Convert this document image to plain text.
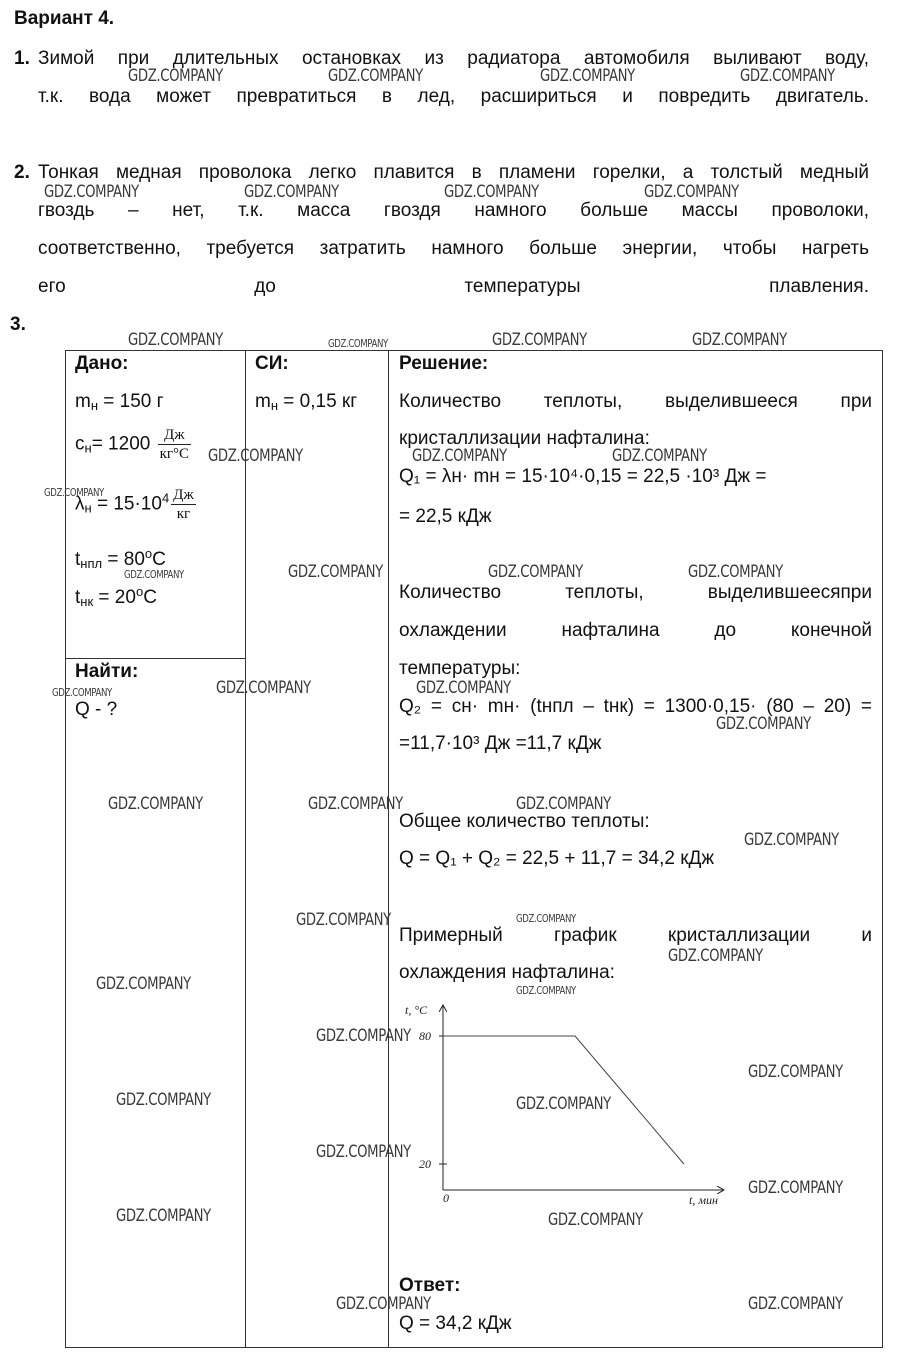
Вариант 4.
1. Зимой при длительных остановках из радиатора автомобиля выливают воду,
т.к. вода может превратиться в лед, расшириться и повредить двигатель.
2. Тонкая медная проволока легко плавится в пламени горелки, а толстый медный
гвоздь – нет, т.к. масса гвоздя намного больше массы проволоки,
соответственно, требуется затратить намного больше энергии, чтобы нагреть
его до температуры плавления.
3.
Дано:	СИ:	Решение:
$m_н = 150$ г
$c_н= 1200 \frac{Дж}{кг^\circ C}$
$\lambda_н = 15\cdot 10^4 \frac{Дж}{кг}$
$t_{нпл} = 80^oC$
$t_{нк} = 20^oC$
$m_н = 0,15$ кг
Найти:
Q - ?
Количество теплоты, выделившееся при
кристаллизации нафталина:
Q₁ = λн· mн = 15·10⁴·0,15 = 22,5 ·10³ Дж =
= 22,5 кДж
Количество теплоты, выделившеесяпри
охлаждении нафталина до конечной
температуры:
Q₂ = cн· mн· (tнпл – tнк) = 1300·0,15· (80 – 20) =
=11,7·10³ Дж =11,7 кДж
Общее количество теплоты:
Q = Q₁ + Q₂ = 22,5 + 11,7 = 34,2 кДж
Примерный график кристаллизации и
охлаждения нафталина:
t, °C
t, мин
0
80
20
Ответ:
Q = 34,2 кДж
GDZ.COMPANY	GDZ.COMPANY	GDZ.COMPANY	GDZ.COMPANY
GDZ.COMPANY	GDZ.COMPANY	GDZ.COMPANY	GDZ.COMPANY
GDZ.COMPANY	GDZ.COMPANY	GDZ.COMPANY	GDZ.COMPANY
GDZ.COMPANY	GDZ.COMPANY	GDZ.COMPANY
GDZ.COMPANY
GDZ.COMPANY	GDZ.COMPANY	GDZ.COMPANY	GDZ.COMPANY
GDZ.COMPANY	GDZ.COMPANY	GDZ.COMPANY
GDZ.COMPANY
GDZ.COMPANY	GDZ.COMPANY	GDZ.COMPANY
GDZ.COMPANY
GDZ.COMPANY	GDZ.COMPANY
GDZ.COMPANY
GDZ.COMPANY
GDZ.COMPANY
GDZ.COMPANY
GDZ.COMPANY
GDZ.COMPANY	GDZ.COMPANY
GDZ.COMPANY
GDZ.COMPANY
GDZ.COMPANY	GDZ.COMPANY
GDZ.COMPANY	GDZ.COMPANY
